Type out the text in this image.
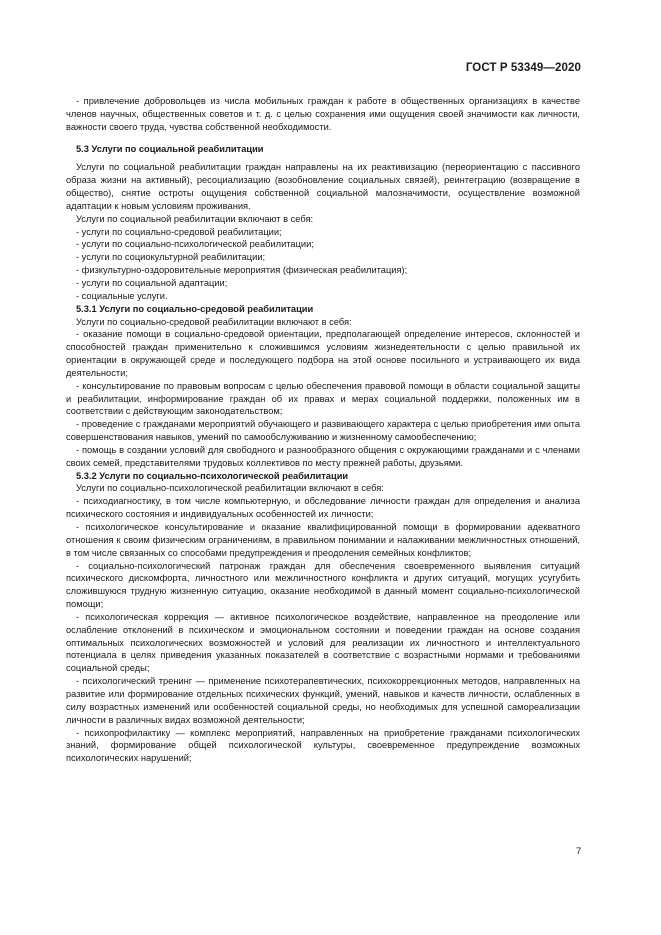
ГОСТ Р 53349—2020

- привлечение добровольцев из числа мобильных граждан к работе в общественных организациях в качестве членов научных, общественных советов и т. д. с целью сохранения ими ощущения своей значимости как личности, важности своего труда, чувства собственной необходимости.

5.3 Услуги по социальной реабилитации

Услуги по социальной реабилитации граждан направлены на их реактивизацию (переориентацию с пассивного образа жизни на активный), ресоциализацию (возобновление социальных связей), реинтеграцию (возвращение в общество), снятие остроты ощущения собственной социальной малозначимости, осуществление возможной адаптации к новым условиям проживания.

Услуги по социальной реабилитации включают в себя:

- услуги по социально-средовой реабилитации;

- услуги по социально-психологической реабилитации;

- услуги по социокультурной реабилитации;

- физкультурно-оздоровительные мероприятия (физическая реабилитация);

- услуги по социальной адаптации;

- социальные услуги.

5.3.1 Услуги по социально-средовой реабилитации

Услуги по социально-средовой реабилитации включают в себя:

- оказание помощи в социально-средовой ориентации, предполагающей определение интересов, склонностей и способностей граждан применительно к сложившимся условиям жизнедеятельности с целью правильной их ориентации в окружающей среде и последующего подбора на этой основе посильного и устраивающего их вида деятельности;

- консультирование по правовым вопросам с целью обеспечения правовой помощи в области социальной защиты и реабилитации, информирование граждан об их правах и мерах социальной поддержки, положенных им в соответствии с действующим законодательством;

- проведение с гражданами мероприятий обучающего и развивающего характера с целью приобретения ими опыта совершенствования навыков, умений по самообслуживанию и жизненному самообеспечению;

- помощь в создании условий для свободного и разнообразного общения с окружающими гражданами и с членами своих семей, представителями трудовых коллективов по месту прежней работы, друзьями.

5.3.2 Услуги по социально-психологической реабилитации

Услуги по социально-психологической реабилитации включают в себя:

- психодиагностику, в том числе компьютерную, и обследование личности граждан для определения и анализа психического состояния и индивидуальных особенностей их личности;

- психологическое консультирование и оказание квалифицированной помощи в формировании адекватного отношения к своим физическим ограничениям, в правильном понимании и налаживании межличностных отношений, в том числе связанных со способами предупреждения и преодоления семейных конфликтов;

- социально-психологический патронаж граждан для обеспечения своевременного выявления ситуаций психического дискомфорта, личностного или межличностного конфликта и других ситуаций, могущих усугубить сложившуюся трудную жизненную ситуацию, оказание необходимой в данный момент социально-психологической помощи;

- психологическая коррекция — активное психологическое воздействие, направленное на преодоление или ослабление отклонений в психическом и эмоциональном состоянии и поведении граждан на основе создания оптимальных психологических возможностей и условий для реализации их личностного и интеллектуального потенциала в целях приведения указанных показателей в соответствие с возрастными нормами и требованиями социальной среды;

- психологический тренинг — применение психотерапевтических, психокоррекционных методов, направленных на развитие или формирование отдельных психических функций, умений, навыков и качеств личности, ослабленных в силу возрастных изменений или особенностей социальной среды, но необходимых для успешной самореализации личности в различных видах возможной деятельности;

- психопрофилактику — комплекс мероприятий, направленных на приобретение гражданами психологических знаний, формирование общей психологической культуры, своевременное предупреждение возможных психологических нарушений;

7
